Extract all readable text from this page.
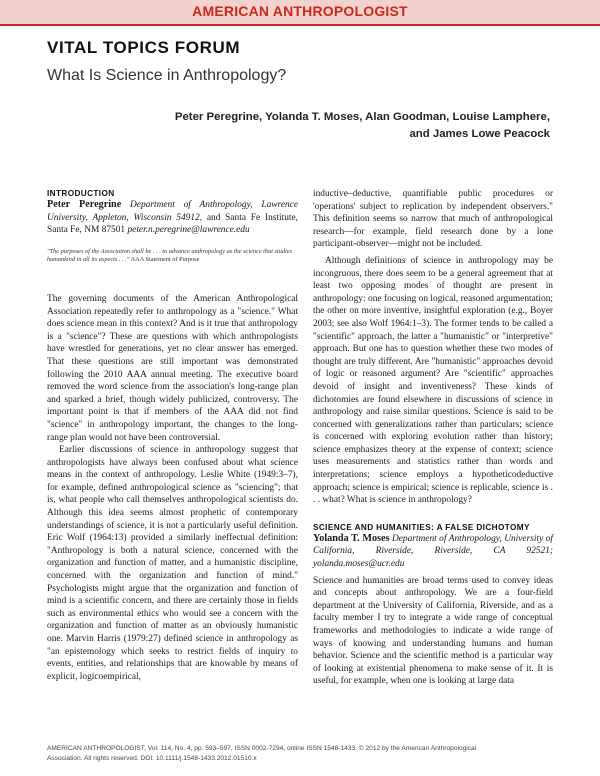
AMERICAN ANTHROPOLOGIST
VITAL TOPICS FORUM
What Is Science in Anthropology?
Peter Peregrine, Yolanda T. Moses, Alan Goodman, Louise Lamphere,
and James Lowe Peacock

INTRODUCTION

Peter Peregrine Department of Anthropology, Lawrence University, Appleton, Wisconsin 54912, and Santa Fe Institute, Santa Fe, NM 87501 peter.n.peregrine@lawrence.edu

"The purposes of the Association shall be . . . to advance anthropology as the science that studies humankind in all its aspects . . ." AAA Statement of Purpose

The governing documents of the American Anthropological Association repeatedly refer to anthropology as a "science." What does science mean in this context? And is it true that anthropology is a "science"? These are questions with which anthropologists have wrestled for generations, yet no clear answer has emerged. That these questions are still important was demonstrated following the 2010 AAA annual meeting. The executive board removed the word science from the association's long-range plan and sparked a brief, though widely publicized, controversy. The important point is that if members of the AAA did not find "science" in anthropology important, the changes to the long-range plan would not have been controversial.

Earlier discussions of science in anthropology suggest that anthropologists have always been confused about what science means in the context of anthropology. Leslie White (1949:3–7), for example, defined anthropological science as "sciencing"; that is, what people who call themselves anthropological scientists do. Although this idea seems almost prophetic of contemporary understandings of science, it is not a particularly useful definition. Eric Wolf (1964:13) provided a similarly ineffectual definition: "Anthropology is both a natural science, concerned with the organization and function of matter, and a humanistic discipline, concerned with the organization and function of mind." Psychologists might argue that the organization and function of mind is a scientific concern, and there are certainly those in fields such as environmental ethics who would see a concern with the organization and function of matter as an obviously humanistic one. Marvin Harris (1979:27) defined science in anthropology as "an epistemology which seeks to restrict fields of inquiry to events, entities, and relationships that are knowable by means of explicit, logicoempirical,

inductive–deductive, quantifiable public procedures or 'operations' subject to replication by independent observers." This definition seems so narrow that much of anthropological research—for example, field research done by a lone participant-observer—might not be included.

Although definitions of science in anthropology may be incongruous, there does seem to be a general agreement that at least two opposing modes of thought are present in anthropology: one focusing on logical, reasoned argumentation; the other on more inventive, insightful exploration (e.g., Boyer 2003; see also Wolf 1964:1–3). The former tends to be called a "scientific" approach, the latter a "humanistic" or "interpretive" approach. But one has to question whether these two modes of thought are truly different. Are "humanistic" approaches devoid of logic or reasoned argument? Are "scientific" approaches devoid of insight and inventiveness? These kinds of dichotomies are found elsewhere in discussions of science in anthropology and raise similar questions. Science is said to be concerned with generalizations rather than particulars; science is concerned with exploring evolution rather than history; science emphasizes theory at the expense of context; science uses measurements and statistics rather than words and interpretations; science employs a hypotheticodeductive approach; science is empirical; science is replicable, science is . . . what? What is science in anthropology?

SCIENCE AND HUMANITIES: A FALSE DICHOTOMY

Yolanda T. Moses Department of Anthropology, University of California, Riverside, Riverside, CA 92521; yolanda.moses@ucr.edu

Science and humanities are broad terms used to convey ideas and concepts about anthropology. We are a four-field department at the University of California, Riverside, and as a faculty member I try to integrate a wide range of conceptual frameworks and methodologies to indicate a wide range of ways of knowing and understanding humans and human behavior. Science and the scientific method is a particular way of looking at existential phenomena to make sense of it. It is useful, for example, when one is looking at large data

AMERICAN ANTHROPOLOGIST, Vol. 114, No. 4, pp. 593–597, ISSN 0002-7294, online ISSN 1548-1433. © 2012 by the American Anthropological
Association. All rights reserved. DOI: 10.1111/j.1548-1433.2012.01510.x
